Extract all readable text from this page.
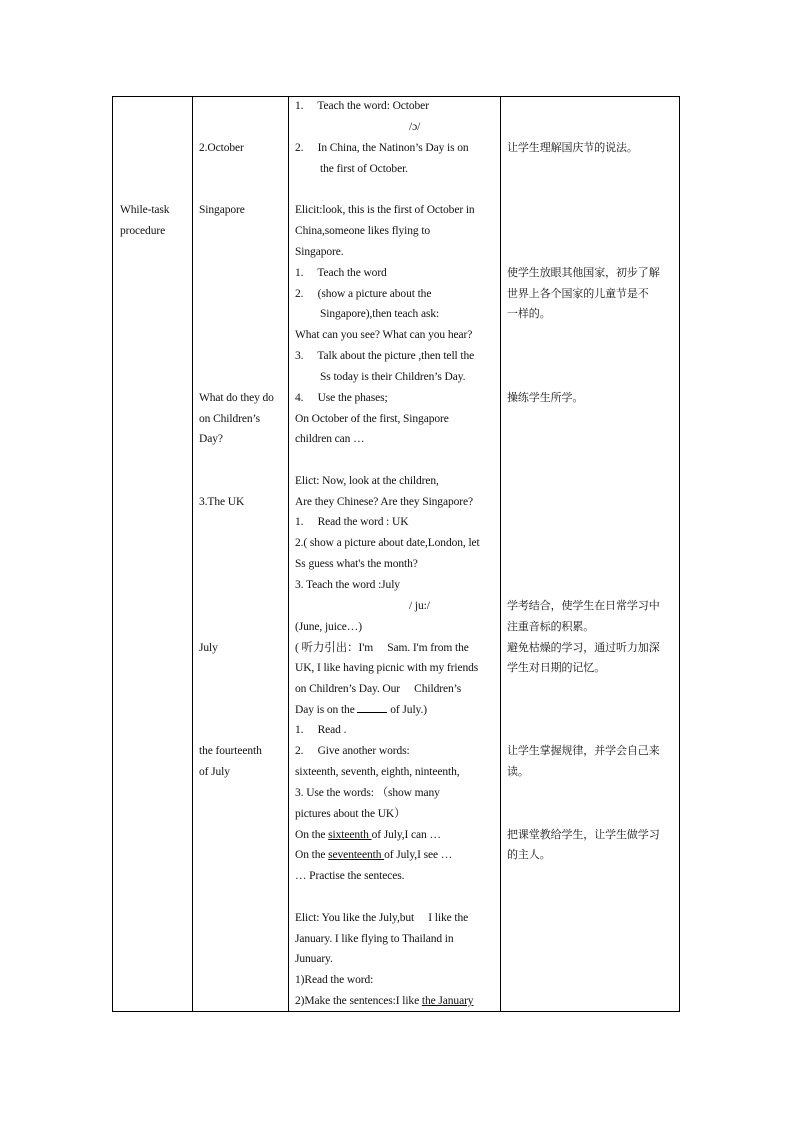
While-task
procedure
2.October
Singapore
What do they do
on Children’s
Day?
3.The UK
July
the fourteenth
of July
1.　 Teach the word: October
/ɔ/
2.　 In China, the Natinon’s Day is on
the first of October.
Elicit:look, this is the first of October in
China,someone likes flying to
Singapore.
1.　 Teach the word
2.　 (show a picture about the
Singapore),then teach ask:
What can you see? What can you hear?
3.　 Talk about the picture ,then tell the
Ss today is their Children’s Day.
4.　 Use the phases;
On October of the first, Singapore
children can …
Elict: Now, look at the children,
Are they Chinese? Are they Singapore?
1.　 Read the word : UK
2.( show a picture about date,London, let
Ss guess what's the month?
3. Teach the word :July
/ ju:/
(June, juice…)
( 听力引出：I'm　 Sam. I'm from the
UK, I like having picnic with my friends
on Children’s Day. Our　 Children’s
Day is on the	of July.)
1.　 Read .
2.　 Give another words:
sixteenth, seventh, eighth, ninteenth,
3. Use the words: （show many
pictures about the UK）
On the sixteenth of July,I can …
On the seventeenth of July,I see …
… Practise the senteces.
Elict: You like the July,but　 I like the
January. I like flying to Thailand in
Junuary.
1)Read the word:
2)Make the sentences:I like the January
让学生理解国庆节的说法。
使学生放眼其他国家，初步了解
世界上各个国家的儿童节是不
一样的。
操练学生所学。
学考结合，使学生在日常学习中
注重音标的积累。
避免枯燥的学习，通过听力加深
学生对日期的记忆。
让学生掌握规律，并学会自己来
读。
把课堂教给学生，让学生做学习
的主人。
